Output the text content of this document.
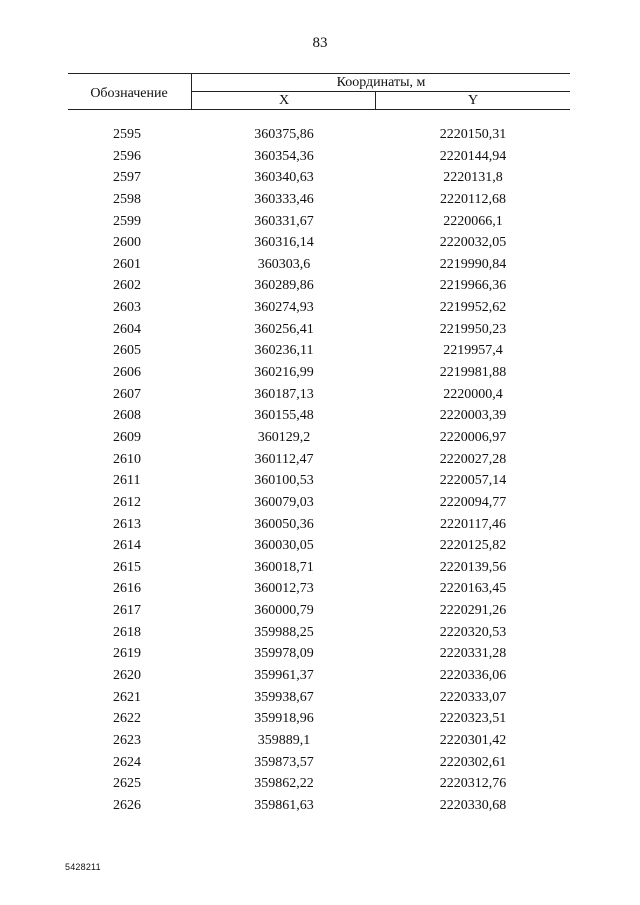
83
Обозначение
Координаты, м
X	Y
2595	360375,86	2220150,31
2596	360354,36	2220144,94
2597	360340,63	2220131,8
2598	360333,46	2220112,68
2599	360331,67	2220066,1
2600	360316,14	2220032,05
2601	360303,6	2219990,84
2602	360289,86	2219966,36
2603	360274,93	2219952,62
2604	360256,41	2219950,23
2605	360236,11	2219957,4
2606	360216,99	2219981,88
2607	360187,13	2220000,4
2608	360155,48	2220003,39
2609	360129,2	2220006,97
2610	360112,47	2220027,28
2611	360100,53	2220057,14
2612	360079,03	2220094,77
2613	360050,36	2220117,46
2614	360030,05	2220125,82
2615	360018,71	2220139,56
2616	360012,73	2220163,45
2617	360000,79	2220291,26
2618	359988,25	2220320,53
2619	359978,09	2220331,28
2620	359961,37	2220336,06
2621	359938,67	2220333,07
2622	359918,96	2220323,51
2623	359889,1	2220301,42
2624	359873,57	2220302,61
2625	359862,22	2220312,76
2626	359861,63	2220330,68
5428211
